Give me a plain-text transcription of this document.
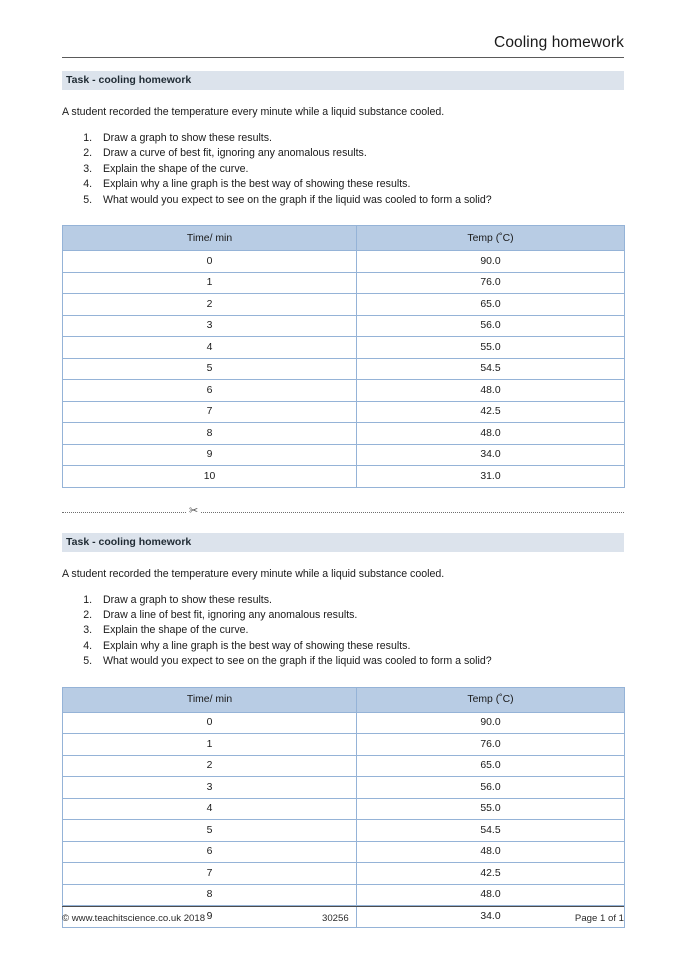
Cooling homework
Task - cooling homework
A student recorded the temperature every minute while a liquid substance cooled.
1. Draw a graph to show these results.
2. Draw a curve of best fit, ignoring any anomalous results.
3. Explain the shape of the curve.
4. Explain why a line graph is the best way of showing these results.
5. What would you expect to see on the graph if the liquid was cooled to form a solid?
Time/ min	Temp (˚C)
0	90.0
1	76.0
2	65.0
3	56.0
4	55.0
5	54.5
6	48.0
7	42.5
8	48.0
9	34.0
10	31.0
✂
Task - cooling homework
A student recorded the temperature every minute while a liquid substance cooled.
1. Draw a graph to show these results.
2. Draw a line of best fit, ignoring any anomalous results.
3. Explain the shape of the curve.
4. Explain why a line graph is the best way of showing these results.
5. What would you expect to see on the graph if the liquid was cooled to form a solid?
Time/ min	Temp (˚C)
0	90.0
1	76.0
2	65.0
3	56.0
4	55.0
5	54.5
6	48.0
7	42.5
8	48.0
9	34.0
© www.teachitscience.co.uk 2018	30256	Page 1 of 1
